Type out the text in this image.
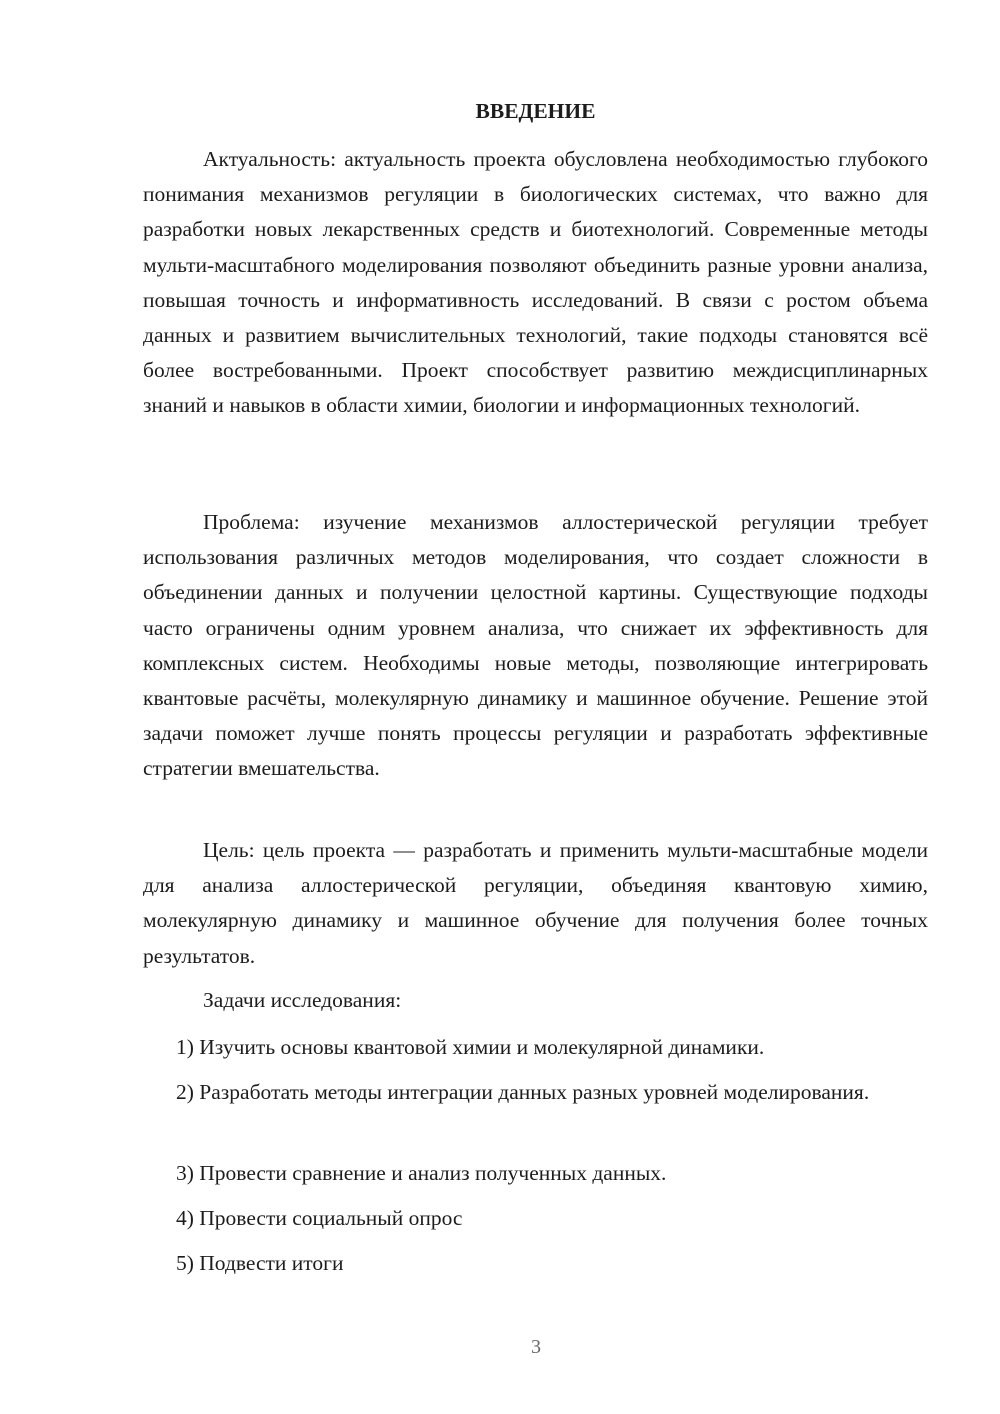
ВВЕДЕНИЕ

Актуальность: актуальность проекта обусловлена необходимостью глубокого понимания механизмов регуляции в биологических системах, что важно для разработки новых лекарственных средств и биотехнологий. Современные методы мульти-масштабного моделирования позволяют объединить разные уровни анализа, повышая точность и информативность исследований. В связи с ростом объема данных и развитием вычислительных технологий, такие подходы становятся всё более востребованными. Проект способствует развитию междисциплинарных знаний и навыков в области химии, биологии и информационных технологий.

Проблема: изучение механизмов аллостерической регуляции требует использования различных методов моделирования, что создает сложности в объединении данных и получении целостной картины. Существующие подходы часто ограничены одним уровнем анализа, что снижает их эффективность для комплексных систем. Необходимы новые методы, позволяющие интегрировать квантовые расчёты, молекулярную динамику и машинное обучение. Решение этой задачи поможет лучше понять процессы регуляции и разработать эффективные стратегии вмешательства.

Цель: цель проекта — разработать и применить мульти-масштабные модели для анализа аллостерической регуляции, объединяя квантовую химию, молекулярную динамику и машинное обучение для получения более точных результатов.

Задачи исследования:

1) Изучить основы квантовой химии и молекулярной динамики.

2) Разработать методы интеграции данных разных уровней моделирования.

3) Провести сравнение и анализ полученных данных.

4) Провести социальный опрос

5) Подвести итоги

3
